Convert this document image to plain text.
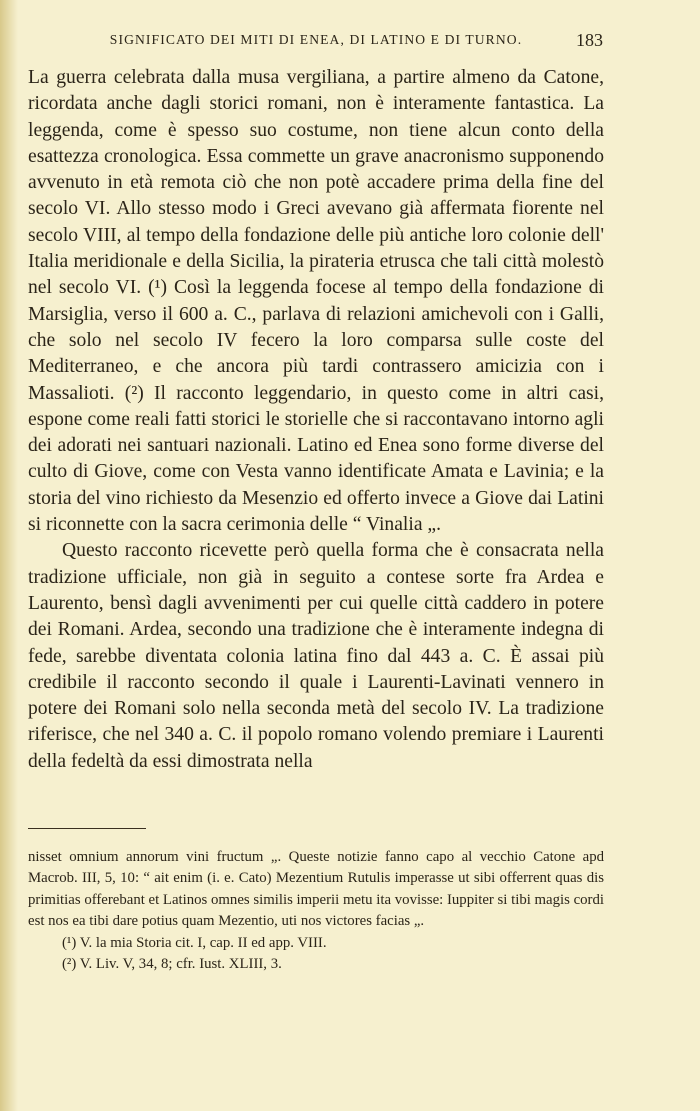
SIGNIFICATO DEI MITI DI ENEA, DI LATINO E DI TURNO.	183

La guerra celebrata dalla musa vergiliana, a partire almeno da Catone, ricordata anche dagli storici romani, non è interamente fantastica. La leggenda, come è spesso suo costume, non tiene alcun conto della esattezza cronologica. Essa commette un grave anacronismo supponendo avvenuto in età remota ciò che non potè accadere prima della fine del secolo VI. Allo stesso modo i Greci avevano già affermata fiorente nel secolo VIII, al tempo della fondazione delle più antiche loro colonie dell' Italia meridionale e della Sicilia, la pirateria etrusca che tali città molestò nel secolo VI. (¹) Così la leggenda focese al tempo della fondazione di Marsiglia, verso il 600 a. C., parlava di relazioni amichevoli con i Galli, che solo nel secolo IV fecero la loro comparsa sulle coste del Mediterraneo, e che ancora più tardi contrassero amicizia con i Massalioti. (²) Il racconto leggendario, in questo come in altri casi, espone come reali fatti storici le storielle che si raccontavano intorno agli dei adorati nei santuari nazionali. Latino ed Enea sono forme diverse del culto di Giove, come con Vesta vanno identificate Amata e Lavinia; e la storia del vino richiesto da Mesenzio ed offerto invece a Giove dai Latini si riconnette con la sacra cerimonia delle “ Vinalia „.

Questo racconto ricevette però quella forma che è consacrata nella tradizione ufficiale, non già in seguito a contese sorte fra Ardea e Laurento, bensì dagli avvenimenti per cui quelle città caddero in potere dei Romani. Ardea, secondo una tradizione che è interamente indegna di fede, sarebbe diventata colonia latina fino dal 443 a. C. È assai più credibile il racconto secondo il quale i Laurenti-Lavinati vennero in potere dei Romani solo nella seconda metà del secolo IV. La tradizione riferisce, che nel 340 a. C. il popolo romano volendo premiare i Laurenti della fedeltà da essi dimostrata nella

nisset omnium annorum vini fructum „. Queste notizie fanno capo al vecchio Catone apd Macrob. III, 5, 10: “ ait enim (i. e. Cato) Mezentium Rutulis imperasse ut sibi offerrent quas dis primitias offerebant et Latinos omnes similis imperii metu ita vovisse: Iuppiter si tibi magis cordi est nos ea tibi dare potius quam Mezentio, uti nos victores facias „.

(¹) V. la mia Storia cit. I, cap. II ed app. VIII.

(²) V. Liv. V, 34, 8; cfr. Iust. XLIII, 3.
